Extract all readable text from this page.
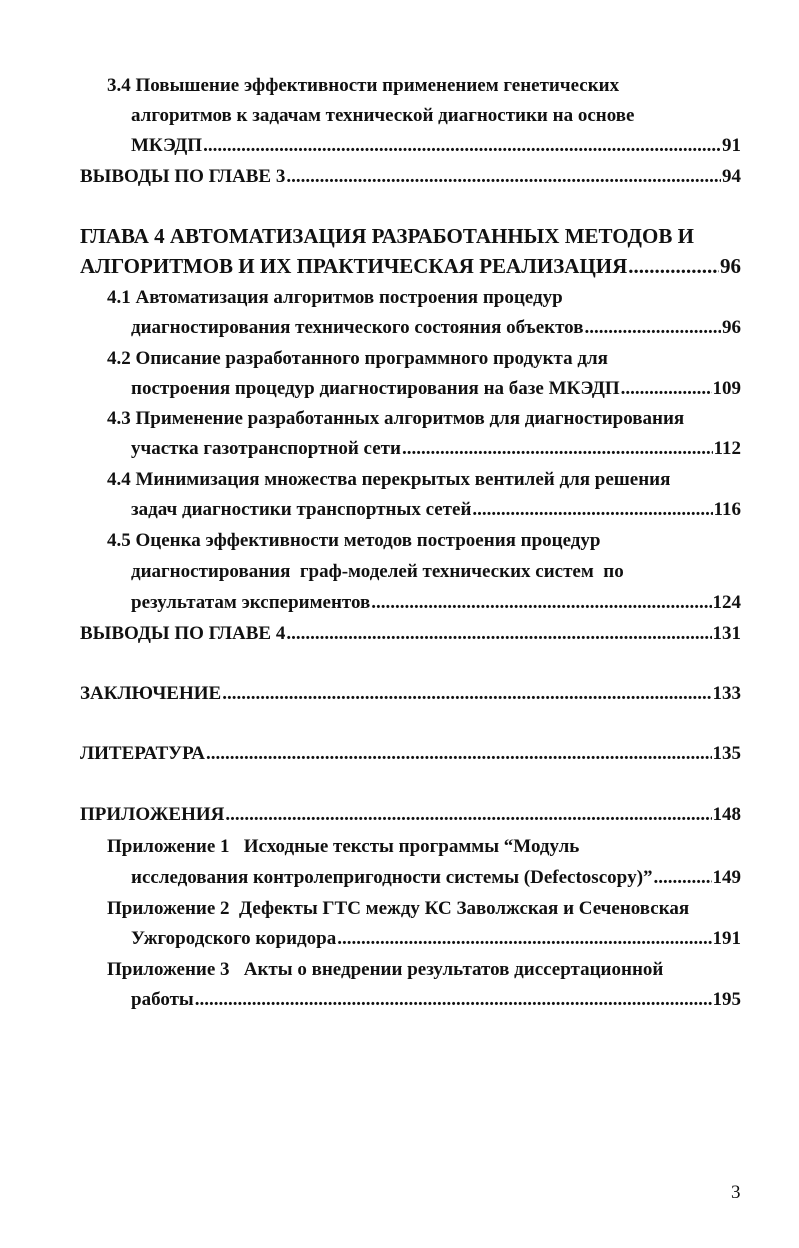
3.4 Повышение эффективности применением генетических
алгоритмов к задачам технической диагностики на основе
МКЭДП .....	91
ВЫВОДЫ ПО ГЛАВЕ 3 .....	94
ГЛАВА 4 АВТОМАТИЗАЦИЯ РАЗРАБОТАННЫХ МЕТОДОВ И
АЛГОРИТМОВ И ИХ ПРАКТИЧЕСКАЯ РЕАЛИЗАЦИЯ .....	96
4.1 Автоматизация алгоритмов построения процедур
диагностирования технического состояния объектов .....	96
4.2 Описание разработанного программного продукта для
построения процедур диагностирования на базе МКЭДП .....	109
4.3 Применение разработанных алгоритмов для диагностирования
участка газотранспортной сети .....	112
4.4 Минимизация множества перекрытых вентилей для решения
задач диагностики транспортных сетей .....	116
4.5 Оценка эффективности методов построения процедур
диагностирования  граф-моделей технических систем  по
результатам экспериментов .....	124
ВЫВОДЫ ПО ГЛАВЕ 4 .....	131
ЗАКЛЮЧЕНИЕ .....	133
ЛИТЕРАТУРА .....	135
ПРИЛОЖЕНИЯ .....	148
Приложение 1   Исходные тексты программы “Модуль
исследования контролепригодности системы (Defectoscopy)” .....	149
Приложение 2  Дефекты ГТС между КС Заволжская и Сеченовская
Ужгородского коридора .....	191
Приложение 3   Акты о внедрении результатов диссертационной
работы .....	195
3
